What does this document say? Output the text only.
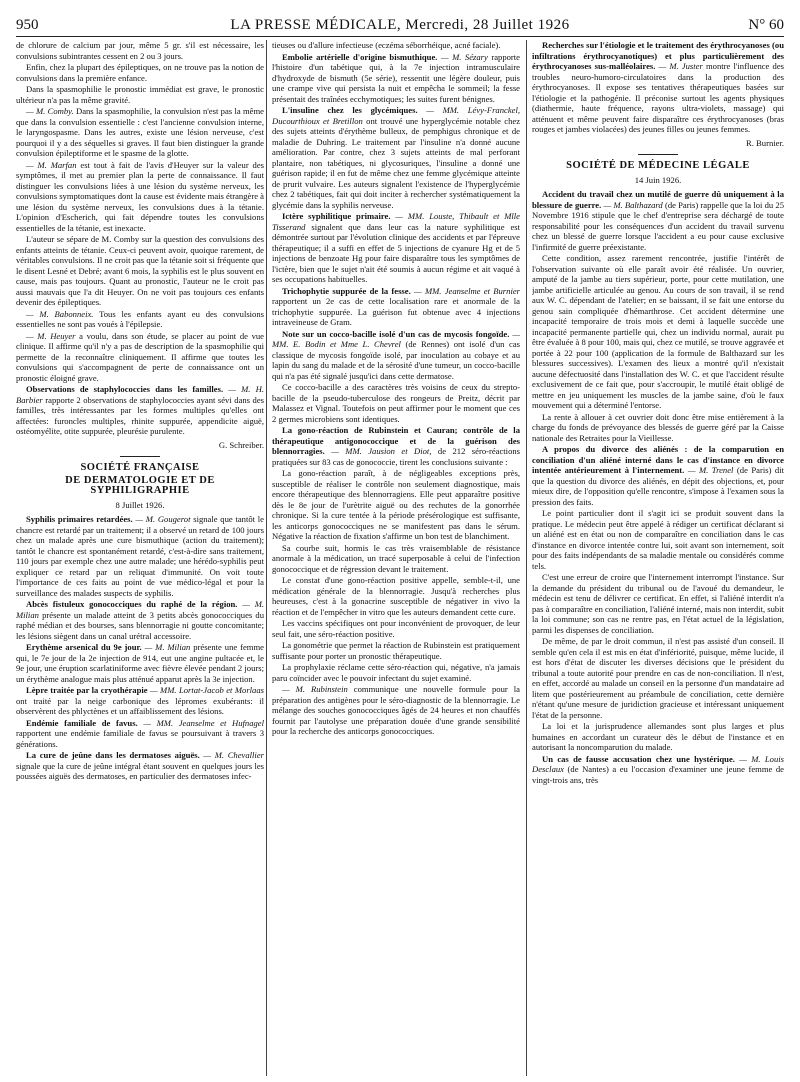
950	LA PRESSE MÉDICALE, Mercredi, 28 Juillet 1926	N° 60

de chlorure de calcium par jour, même 5 gr. s'il est nécessaire, les convulsions subintrantes cessent en 2 ou 3 jours.

Enfin, chez la plupart des épileptiques, on ne trouve pas la notion de convulsions dans la première enfance.

Dans la spasmophilie le pronostic immédiat est grave, le pronostic ultérieur n'a pas la même gravité.

— M. Comby. Dans la spasmophilie, la convulsion n'est pas la même que dans la convulsion essentielle : c'est l'ancienne convulsion interne, le laryngospasme. Dans les autres, existe une lésion nerveuse, c'est pourquoi il y a des séquelles si graves. Il faut bien distinguer la grande convulsion épileptiforme et le spasme de la glotte.

— M. Marfan est tout à fait de l'avis d'Heuyer sur la valeur des symptômes, il met au premier plan la perte de connaissance. Il faut distinguer les convulsions liées à une lésion du système nerveux, les convulsions symptomatiques dont la cause est évidente mais étrangère à une lésion du système nerveux, les convulsions dues à la tétanie. L'opinion d'Escherich, qui fait dépendre toutes les convulsions essentielles de la tétanie, est inexacte.

L'auteur se sépare de M. Comby sur la question des convulsions des enfants atteints de tétanie. Ceux-ci peuvent avoir, quoique rarement, de véritables convulsions. Il ne croit pas que la tétanie soit si fréquente que le disent Lesné et Debré; avant 6 mois, la syphilis est le plus souvent en cause, mais pas toujours. Quant au pronostic, l'auteur ne le croit pas aussi mauvais que l'a dit Heuyer. On ne voit pas toujours ces enfants devenir des épileptiques.

— M. Babonneix. Tous les enfants ayant eu des convulsions essentielles ne sont pas voués à l'épilepsie.

— M. Heuyer a voulu, dans son étude, se placer au point de vue clinique. Il affirme qu'il n'y a pas de description de la spasmophilie qui permette de la reconnaître cliniquement. Il affirme que toutes les convulsions qui s'accompagnent de perte de connaissance ont un pronostic éloigné grave.

Observations de staphylococcies dans les familles. — M. H. Barbier rapporte 2 observations de staphylococcies ayant sévi dans des familles, très intéressantes par les formes multiples qu'elles ont affectées: furoncles multiples, rhinite suppurée, appendicite aiguë, ostéomyélite, otite suppurée, pleurésie purulente.

G. Schreiber.
SOCIÉTÉ FRANÇAISE
DE DERMATOLOGIE ET DE SYPHILIGRAPHIE
8 Juillet 1926.

Syphilis primaires retardées. — M. Gougerot signale que tantôt le chancre est retardé par un traitement; il a observé un retard de 100 jours chez un malade après une cure bismuthique (action du traitement); tantôt le chancre est spontanément retardé, c'est-à-dire sans traitement, 110 jours par exemple chez une autre malade; une hérédo-syphilis peut expliquer ce retard par un reliquat d'immunité. On voit toute l'importance de ces faits au point de vue médico-légal et pour la surveillance des malades suspects de syphilis.

Abcès fistuleux gonococciques du raphé de la région. — M. Milian présente un malade atteint de 3 petits abcès gonococciques du raphé médian et des bourses, sans blennorragie ni goutte concomitante; les lésions siègent dans un canal urétral accessoire.

Erythème arsenical du 9e jour. — M. Milian présente une femme qui, le 7e jour de la 2e injection de 914, eut une angine pultacée et, le 9e jour, une éruption scarlatiniforme avec fièvre élevée pendant 2 jours; un érythème analogue mais plus atténué apparut après la 3e injection.

Lèpre traitée par la cryothérapie — MM. Lortat-Jacob et Morlaas ont traité par la neige carbonique des lépromes exubérants: il observèrent des phlyctènes et un affaiblissement des lésions.

Endémie familiale de favus. — MM. Jeanselme et Hufnagel rapportent une endémie familiale de favus se poursuivant à travers 3 générations.

La cure de jeûne dans les dermatoses aiguës. — M. Chevallier signale que la cure de jeûne intégral étant souvent en quelques jours les poussées aiguës des dermatoses, en particulier des dermatoses infec-

tieuses ou d'allure infectieuse (eczéma séborrhéique, acné faciale).

Embolie artérielle d'origine bismuthique. — M. Sézary rapporte l'histoire d'un tabétique qui, à la 7e injection intramusculaire d'hydroxyde de bismuth (5e série), ressentit une légère douleur, puis une crampe vive qui persista la nuit et empêcha le sommeil; la fesse présentait des traînées ecchymotiques; les suites furent bénignes.

L'insuline chez les glycémiques. — MM. Lévy-Franckel, Ducourthioux et Bretillon ont trouvé une hyperglycémie notable chez des sujets atteints d'érythème bulleux, de pemphigus chronique et de maladie de Duhring. Le traitement par l'insuline n'a donné aucune amélioration. Par contre, chez 3 sujets atteints de mal perforant plantaire, non tabétiques, ni glycosuriques, l'insuline a donné une guérison rapide; il en fut de même chez une femme glycémique atteinte de prurit vulvaire. Les auteurs signalent l'existence de l'hyperglycémie chez 2 tabétiques, fait qui doit inciter à rechercher systématiquement la glycémie dans la syphilis nerveuse.

Ictère syphilitique primaire. — MM. Louste, Thibault et Mlle Tisserand signalent que dans leur cas la nature syphilitique est démontrée surtout par l'évolution clinique des accidents et par l'épreuve thérapeutique; il a suffi en effet de 5 injections de cyanure Hg et de 5 injections de benzoate Hg pour faire disparaître tous les symptômes de l'ictère, bien que le sujet n'ait été soumis à aucun régime et ait vaqué à ses occupations habituelles.

Trichophytie suppurée de la fesse. — MM. Jeanselme et Burnier rapportent un 2e cas de cette localisation rare et anormale de la trichophytie suppurée. La guérison fut obtenue avec 4 injections intraveineuse de Gram.

Note sur un cocco-bacille isolé d'un cas de mycosis fongoïde. — MM. E. Bodin et Mme L. Chevrel (de Rennes) ont isolé d'un cas classique de mycosis fongoïde isolé, par inoculation au cobaye et au lapin du sang du malade et de la sérosité d'une tumeur, un cocco-bacille qui n'a pas été signalé jusqu'ici dans cette dermatose.

Ce cocco-bacille a des caractères très voisins de ceux du strepto-bacille de la pseudo-tuberculose des rongeurs de Preitz, décrit par Malassez et Vignal. Toutefois on peut affirmer pour le moment que ces 2 germes microbiens sont identiques.

La gono-réaction de Rubinstein et Cauran; contrôle de la thérapeutique antigonococcique et de la guérison des blennorragies. — MM. Jausion et Diot, de 212 séro-réactions pratiquées sur 83 cas de gonococcie, tirent les conclusions suivante :

La gono-réaction paraît, à de négligeables exceptions près, susceptible de réaliser le contrôle non seulement diagnostique, mais encore thérapeutique des blennorragiens. Elle peut apparaître positive dès le 8e jour de l'urètrite aiguë ou des rechutes de la gonorrhée chronique. Si la cure tentée à la période présérologique est suffisante, les anticorps gonococciques ne se manifestent pas dans le sérum. Négative la réaction de fixation s'affirme un bon test de blanchiment.

Sa courbe suit, hormis le cas très vraisemblable de résistance anormale à la médication, un tracé superposable à celui de l'infection gonococcique et de régression devant le traitement.

Le constat d'une gono-réaction positive appelle, semble-t-il, une médication générale de la blennorragie. Jusqu'à recherches plus heureuses, c'est à la gonacrine susceptible de négativer in vivo la réaction et de l'empêcher in vitro que les auteurs demandent cette cure.

Les vaccins spécifiques ont pour inconvénient de provoquer, de leur seul fait, une séro-réaction positive.

La gonométrie que permet la réaction de Rubinstein est pratiquement suffisante pour porter un pronostic thérapeutique.

La prophylaxie réclame cette séro-réaction qui, négative, n'a jamais paru coïncider avec le pouvoir infectant du sujet examiné.

— M. Rubinstein communique une nouvelle formule pour la préparation des antigènes pour le séro-diagnostic de la blennorragie. Le mélange des souches gonococciques âgés de 24 heures et non chauffés fournit par l'autolyse une préparation douée d'une grande sensibilité pour la recherche des anticorps gonococciques.

Recherches sur l'étiologie et le traitement des érythrocyanoses (ou infiltrations érythrocyanotiques) et plus particulièrement des érythrocyanoses sus-malléolaires. — M. Juster montre l'influence des troubles neuro-humoro-circulatoires dans la production des érythrocyanoses. Il expose ses tentatives thérapeutiques basées sur l'étiologie et la pathogénie. Il préconise surtout les agents physiques (diathermie, haute fréquence, rayons ultra-violets, massage) qui atténuent et même peuvent faire disparaître ces érythrocyanoses (bras rouges et jambes violacées) des jeunes filles ou jeunes femmes.

R. Burnier.
SOCIÉTÉ DE MÉDECINE LÉGALE
14 Juin 1926.

Accident du travail chez un mutilé de guerre dû uniquement à la blessure de guerre. — M. Balthazard (de Paris) rappelle que la loi du 25 Novembre 1916 stipule que le chef d'entreprise sera déchargé de toute responsabilité pour les conséquences d'un accident du travail survenu chez un blessé de guerre lorsque l'accident a eu pour cause exclusive l'infirmité de guerre préexistante.

Cette condition, assez rarement rencontrée, justifie l'intérêt de l'observation suivante où elle paraît avoir été réalisée. Un ouvrier, amputé de la jambe au tiers supérieur, porte, pour cette mutilation, une jambe artificielle articulée au genou. Au cours de son travail, il se rend aux W. C. dépendant de l'atelier; en se baissant, il se fait une entorse du genou sain compliquée d'hémarthrose. Cet accident détermine une incapacité temporaire de trois mois et demi à laquelle succède une incapacité permanente partielle qui, chez un individu normal, aurait pu être évaluée à 8 pour 100, mais qui, chez ce mutilé, se trouve aggravée et portée à 22 pour 100 (application de la formule de Balthazard sur les blessures successives). L'examen des lieux a montré qu'il n'existait aucune défectuosité dans l'installation des W. C. et que l'accident résulte exclusivement de ce fait que, pour s'accroupir, le mutilé était obligé de mettre en jeu uniquement les muscles de la jambe saine, d'où le faux mouvement qui a déterminé l'entorse.

La rente à allouer à cet ouvrier doit donc être mise entièrement à la charge du fonds de prévoyance des blessés de guerre géré par la Caisse nationale des Retraites pour la Vieillesse.

A propos du divorce des aliénés : de la comparution en conciliation d'un aliéné interné dans le cas d'instance en divorce intentée antérieurement à l'internement. — M. Trenel (de Paris) dit que la question du divorce des aliénés, en dépit des objections, et, pour mieux dire, de l'opposition qu'elle rencontre, s'impose à l'examen sous la pression des faits.

Le point particulier dont il s'agit ici se produit souvent dans la pratique. Le médecin peut être appelé à rédiger un certificat déclarant si un aliéné est en état ou non de comparaître en conciliation dans le cas d'instance en divorce intentée contre lui, soit avant son internement, soit pour des faits indépendants de sa maladie mentale ou considérés comme tels.

C'est une erreur de croire que l'internement interrompt l'instance. Sur la demande du président du tribunal ou de l'avoué du demandeur, le médecin est tenu de délivrer ce certificat. En effet, si l'aliéné interdit n'a pas à comparaître en conciliation, l'aliéné interné, mais non interdit, subit la loi commune; son cas ne rentre pas, en l'état actuel de la législation, parmi les dispenses de conciliation.

De même, de par le droit commun, il n'est pas assisté d'un conseil. Il semble qu'en cela il est mis en état d'infériorité, puisque, même lucide, il est hors d'état de discuter les diverses décisions que le président du tribunal a toute autorité pour prendre en cas de non-conciliation. Il n'est, en effet, accordé au malade un conseil en la personne d'un mandataire ad litem que postérieurement au préambule de conciliation, cette dernière n'étant qu'une mesure de juridiction gracieuse et intéressant uniquement l'état de la personne.

La loi et la jurisprudence allemandes sont plus larges et plus humaines en accordant un curateur dès le début de l'instance et en autorisant la noncomparution du malade.

Un cas de fausse accusation chez une hystérique. — M. Louis Desclaux (de Nantes) a eu l'occasion d'examiner une jeune femme de vingt-trois ans, très
